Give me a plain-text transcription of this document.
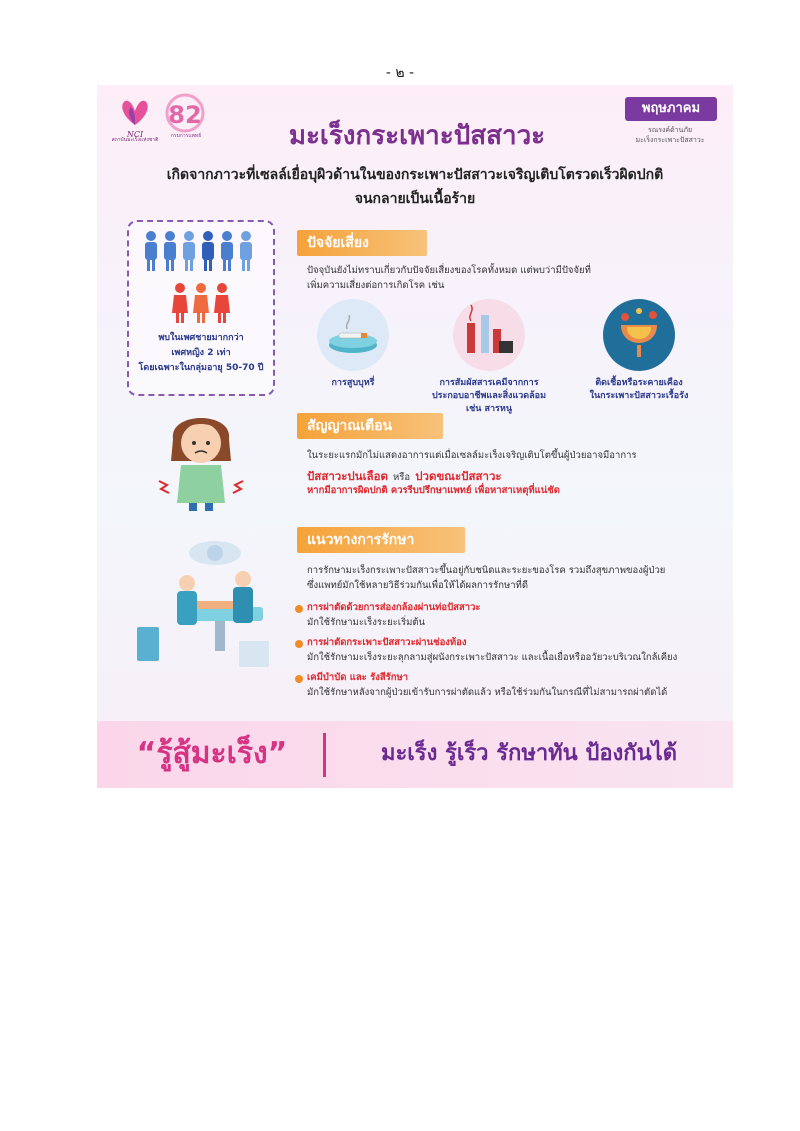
- ๒ -
NCI
สถาบันมะเร็งแห่งชาติ
82
กรมการแพทย์
พฤษภาคม
รณรงค์ด้านภัย
มะเร็งกระเพาะปัสสาวะ
มะเร็งกระเพาะปัสสาวะ
เกิดจากภาวะที่เซลล์เยื่อบุผิวด้านในของกระเพาะปัสสาวะเจริญเติบโตรวดเร็วผิดปกติ
จนกลายเป็นเนื้อร้าย
พบในเพศชายมากกว่า
เพศหญิง 2 เท่า
โดยเฉพาะในกลุ่มอายุ 50-70 ปี
ปัจจัยเสี่ยง
ปัจจุบันยังไม่ทราบเกี่ยวกับปัจจัยเสี่ยงของโรคทั้งหมด แต่พบว่ามีปัจจัยที่
เพิ่มความเสี่ยงต่อการเกิดโรค เช่น
การสูบบุหรี่	การสัมผัสสารเคมีจากการ
ประกอบอาชีพและสิ่งแวดล้อม
เช่น สารหนู
ติดเชื้อหรือระคายเคือง
ในกระเพาะปัสสาวะเรื้อรัง
สัญญาณเตือน
ในระยะแรกมักไม่แสดงอาการแต่เมื่อเซลล์มะเร็งเจริญเติบโตขึ้นผู้ป่วยอาจมีอาการ
ปัสสาวะปนเลือด หรือ ปวดขณะปัสสาวะ
หากมีอาการผิดปกติ ควรรีบปรึกษาแพทย์ เพื่อหาสาเหตุที่แน่ชัด
แนวทางการรักษา
การรักษามะเร็งกระเพาะปัสสาวะขึ้นอยู่กับชนิดและระยะของโรค รวมถึงสุขภาพของผู้ป่วย
ซึ่งแพทย์มักใช้หลายวิธีร่วมกันเพื่อให้ได้ผลการรักษาที่ดี
การผ่าตัดด้วยการส่องกล้องผ่านท่อปัสสาวะ
มักใช้รักษามะเร็งระยะเริ่มต้น
การผ่าตัดกระเพาะปัสสาวะผ่านช่องท้อง
มักใช้รักษามะเร็งระยะลุกลามสู่ผนังกระเพาะปัสสาวะ และเนื้อเยื่อหรืออวัยวะบริเวณใกล้เคียง
เคมีบำบัด และ รังสีรักษา
มักใช้รักษาหลังจากผู้ป่วยเข้ารับการผ่าตัดแล้ว หรือใช้ร่วมกันในกรณีที่ไม่สามารถผ่าตัดได้
“รู้สู้มะเร็ง”	มะเร็ง รู้เร็ว รักษาทัน ป้องกันได้
